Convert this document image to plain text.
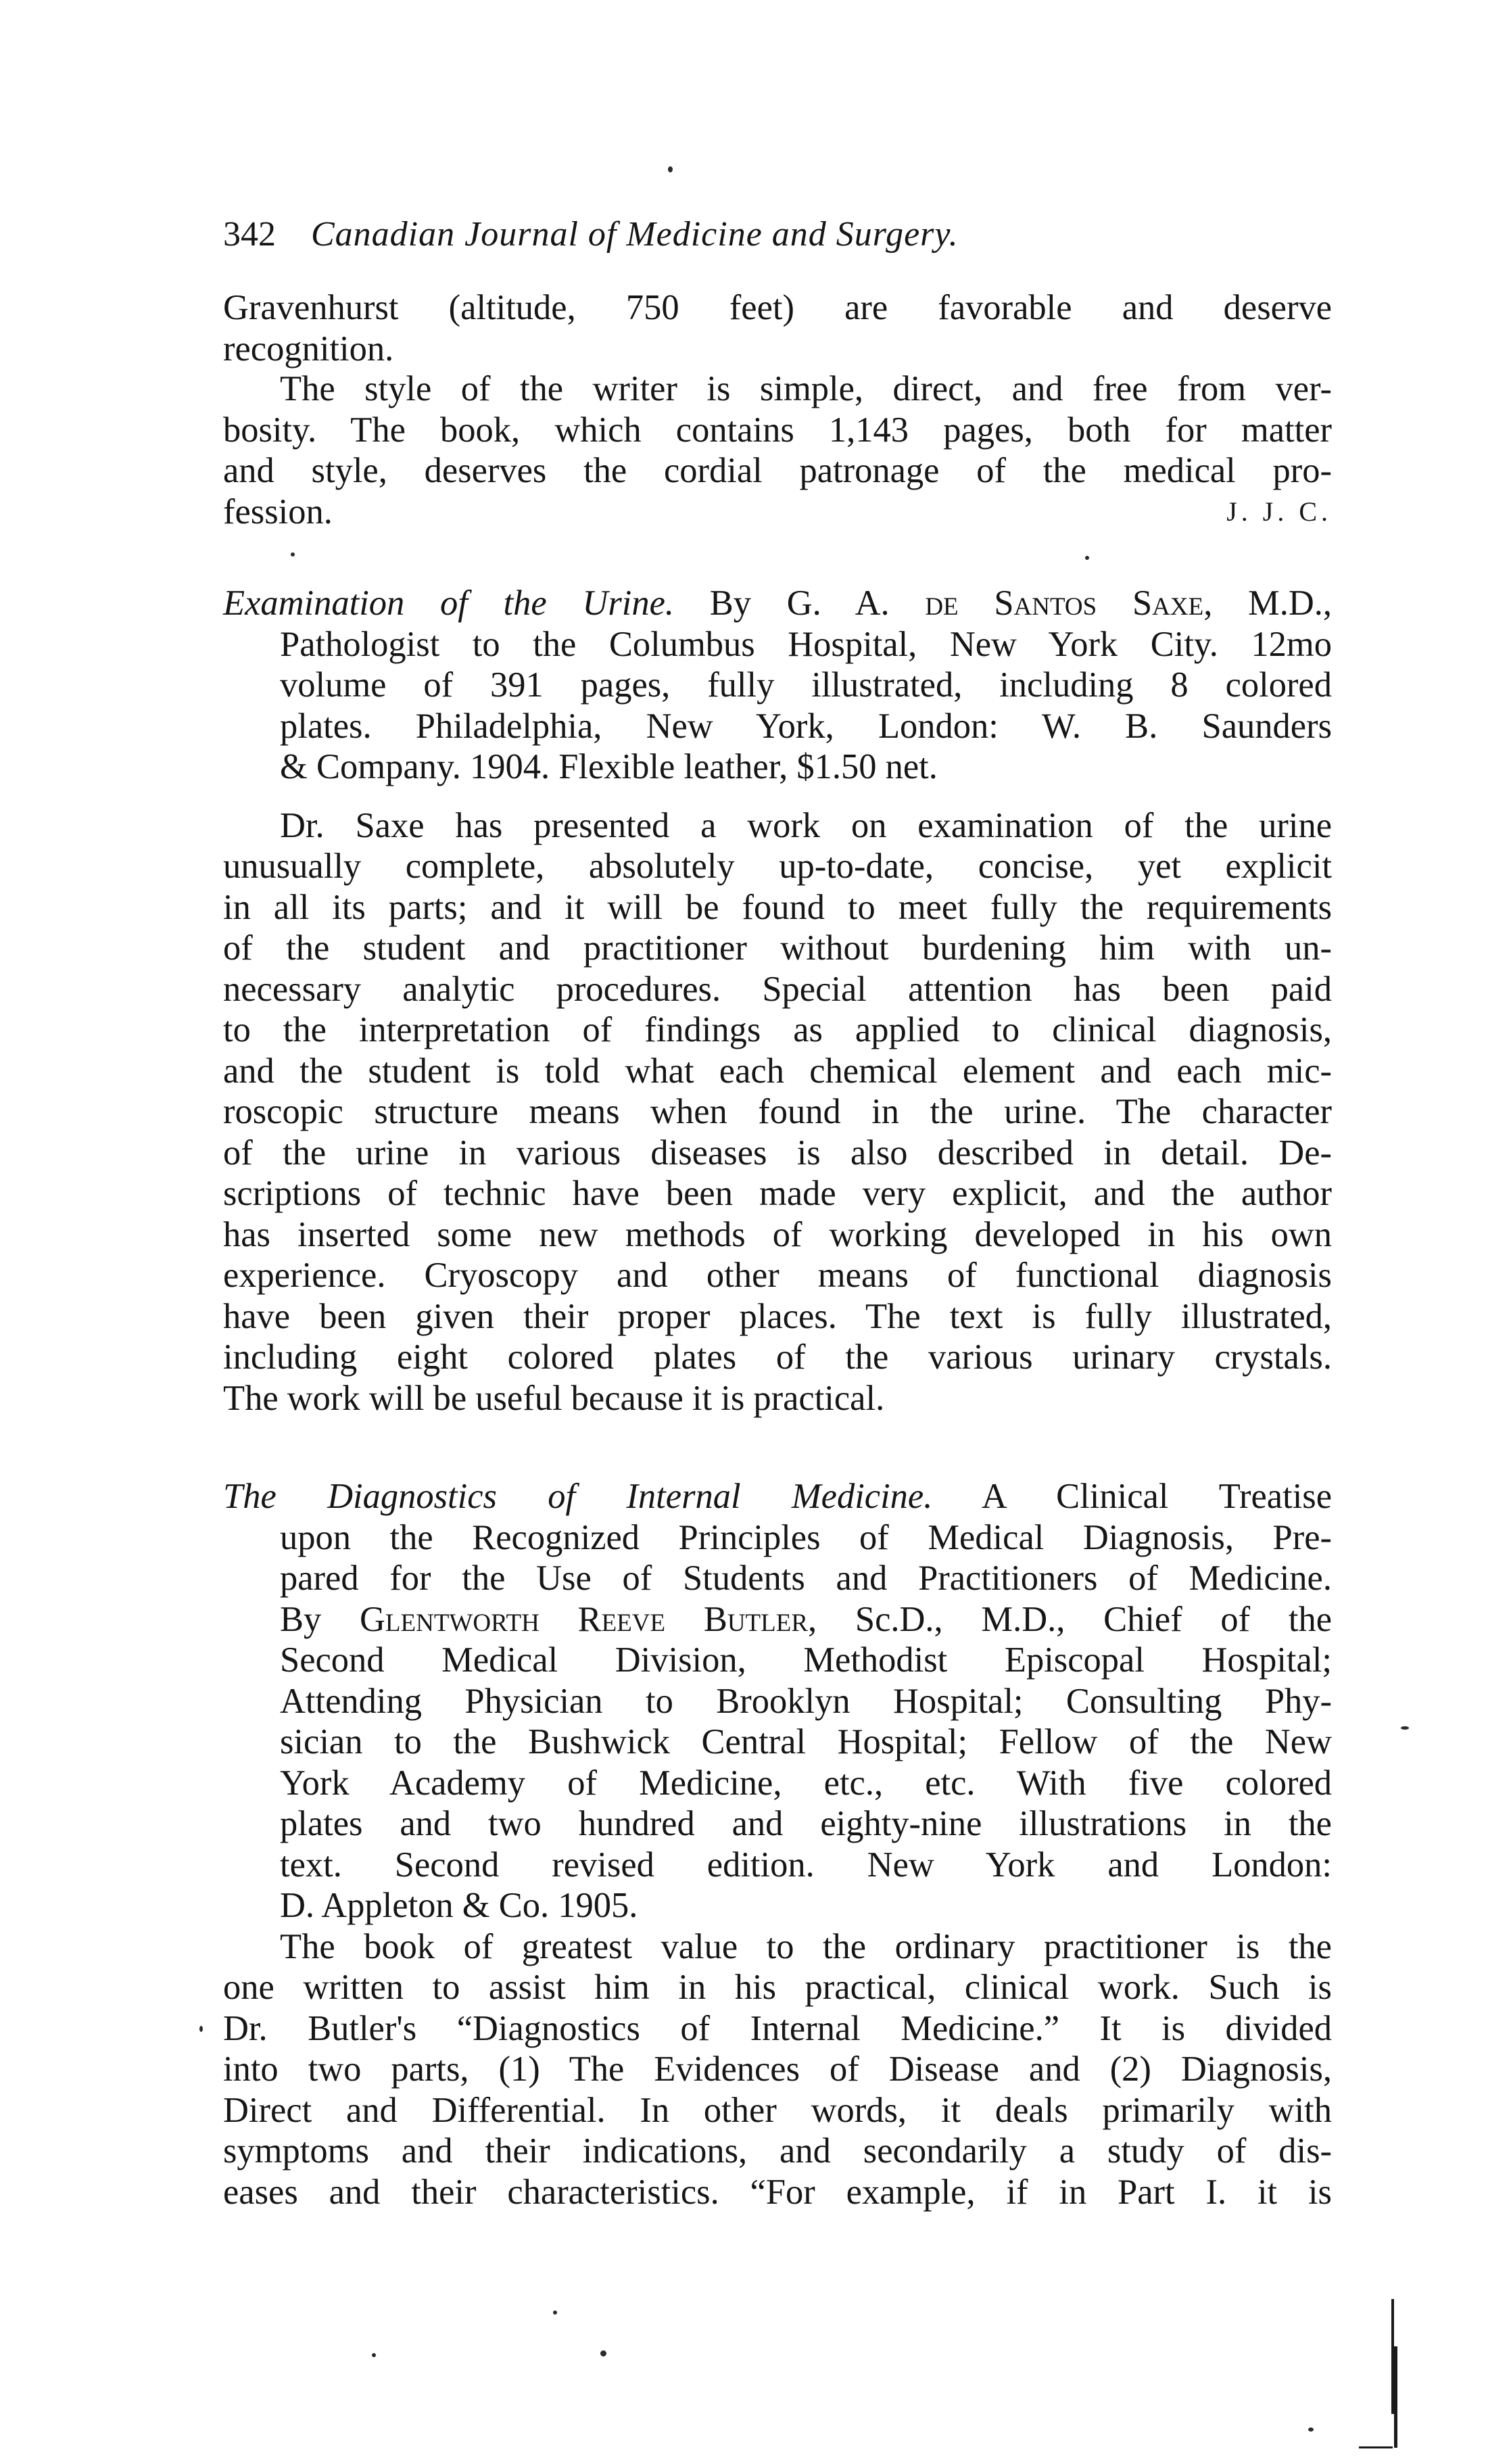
342 Canadian Journal of Medicine and Surgery.
Gravenhurst (altitude, 750 feet) are favorable and deserve
recognition.
The style of the writer is simple, direct, and free from ver-
bosity. The book, which contains 1,143 pages, both for matter
and style, deserves the cordial patronage of the medical pro-
fession.	J. J. C.
Examination of the Urine. By G. A. de Santos Saxe, M.D.,
Pathologist to the Columbus Hospital, New York City. 12mo
volume of 391 pages, fully illustrated, including 8 colored
plates. Philadelphia, New York, London: W. B. Saunders
& Company. 1904. Flexible leather, $1.50 net.
Dr. Saxe has presented a work on examination of the urine
unusually complete, absolutely up-to-date, concise, yet explicit
in all its parts; and it will be found to meet fully the requirements
of the student and practitioner without burdening him with un-
necessary analytic procedures. Special attention has been paid
to the interpretation of findings as applied to clinical diagnosis,
and the student is told what each chemical element and each mic-
roscopic structure means when found in the urine. The character
of the urine in various diseases is also described in detail. De-
scriptions of technic have been made very explicit, and the author
has inserted some new methods of working developed in his own
experience. Cryoscopy and other means of functional diagnosis
have been given their proper places. The text is fully illustrated,
including eight colored plates of the various urinary crystals.
The work will be useful because it is practical.
The Diagnostics of Internal Medicine. A Clinical Treatise
upon the Recognized Principles of Medical Diagnosis, Pre-
pared for the Use of Students and Practitioners of Medicine.
By Glentworth Reeve Butler, Sc.D., M.D., Chief of the
Second Medical Division, Methodist Episcopal Hospital;
Attending Physician to Brooklyn Hospital; Consulting Phy-
sician to the Bushwick Central Hospital; Fellow of the New
York Academy of Medicine, etc., etc. With five colored
plates and two hundred and eighty-nine illustrations in the
text. Second revised edition. New York and London:
D. Appleton & Co. 1905.
The book of greatest value to the ordinary practitioner is the
one written to assist him in his practical, clinical work. Such is
Dr. Butler's “Diagnostics of Internal Medicine.” It is divided
into two parts, (1) The Evidences of Disease and (2) Diagnosis,
Direct and Differential. In other words, it deals primarily with
symptoms and their indications, and secondarily a study of dis-
eases and their characteristics. “For example, if in Part I. it is
